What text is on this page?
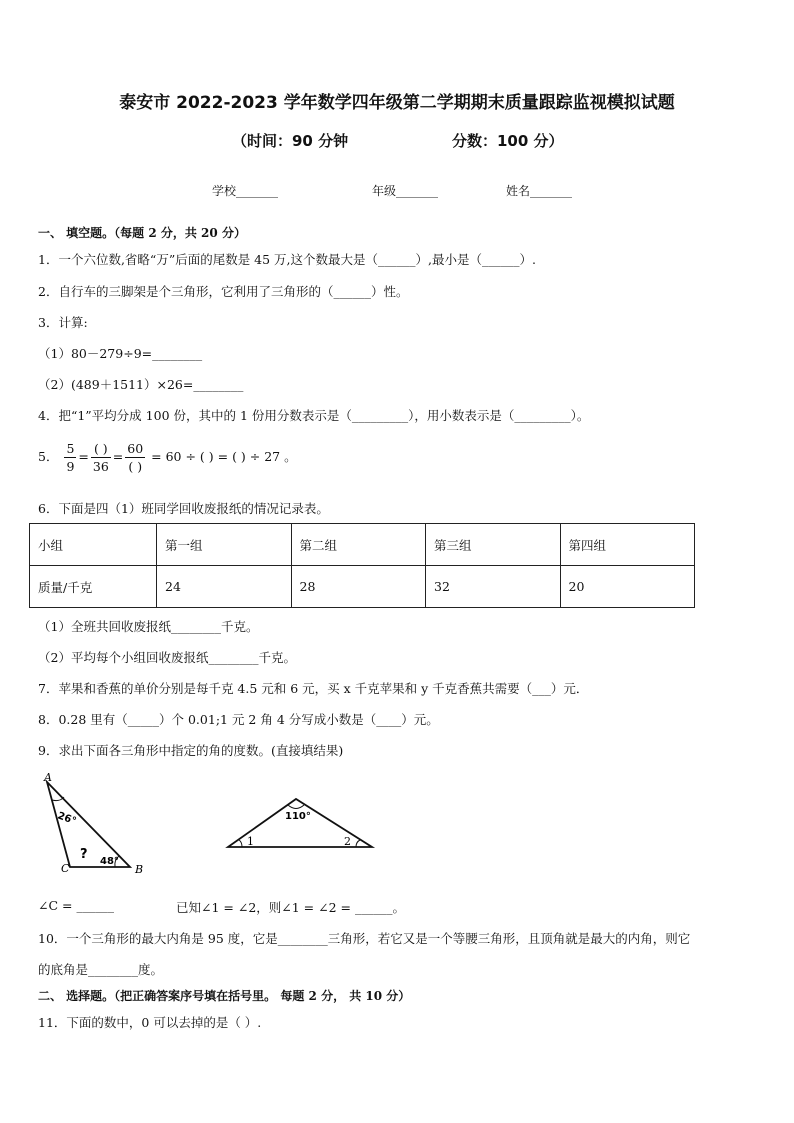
泰安市 2022-2023 学年数学四年级第二学期期末质量跟踪监视模拟试题
（时间：90 分钟	分数：100 分）
学校_______	年级_______	姓名_______
一、 填空题。（每题 2 分，共 20 分）
1．一个六位数,省略“万”后面的尾数是 45 万,这个数最大是（______）,最小是（______）.
2．自行车的三脚架是个三角形，它利用了三角形的（______）性。
3．计算:
（1）80－279÷9=________
（2）(489＋1511）×26=________
4．把“1”平均分成 100 份，其中的 1 份用分数表示是（_________），用小数表示是（_________）。
5． $\frac{5}{9} = \frac{( )}{36} = \frac{60}{( )} = 60$ ÷ ( ) = ( ) ÷ 27 。
6．下面是四（1）班同学回收废报纸的情况记录表。
小组	第一组	第二组	第三组	第四组
质量/千克	24	28	32	20
（1）全班共回收废报纸________千克。
（2）平均每个小组回收废报纸________千克。
7．苹果和香蕉的单价分别是每千克 4.5 元和 6 元，买 x 千克苹果和 y 千克香蕉共需要（___）元．
8．0.28 里有（_____）个 0.01;1 元 2 角 4 分写成小数是（____）元。
9．求出下面各三角形中指定的角的度数。(直接填结果)
A
B
C
26°
48°
?
110°
1	2
∠C = ______	已知∠1 = ∠2，则∠1 = ∠2 = ______。
10．一个三角形的最大内角是 95 度，它是________三角形，若它又是一个等腰三角形，且顶角就是最大的内角，则它
的底角是________度。
二、 选择题。（把正确答案序号填在括号里。 每题 2 分， 共 10 分）
11．下面的数中，0 可以去掉的是（ ）.
